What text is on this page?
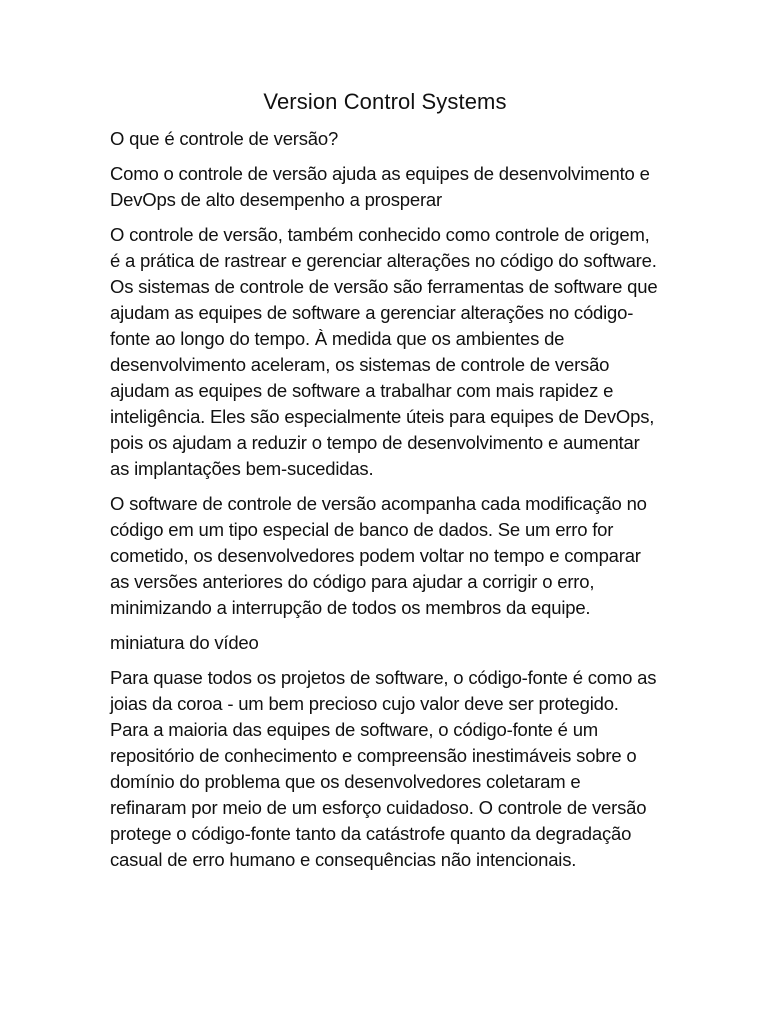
Version Control Systems

O que é controle de versão?

Como o controle de versão ajuda as equipes de desenvolvimento e DevOps de alto desempenho a prosperar

O controle de versão, também conhecido como controle de origem, é a prática de rastrear e gerenciar alterações no código do software. Os sistemas de controle de versão são ferramentas de software que ajudam as equipes de software a gerenciar alterações no código-fonte ao longo do tempo. À medida que os ambientes de desenvolvimento aceleram, os sistemas de controle de versão ajudam as equipes de software a trabalhar com mais rapidez e inteligência. Eles são especialmente úteis para equipes de DevOps, pois os ajudam a reduzir o tempo de desenvolvimento e aumentar as implantações bem-sucedidas.

O software de controle de versão acompanha cada modificação no código em um tipo especial de banco de dados. Se um erro for cometido, os desenvolvedores podem voltar no tempo e comparar as versões anteriores do código para ajudar a corrigir o erro, minimizando a interrupção de todos os membros da equipe.

miniatura do vídeo

Para quase todos os projetos de software, o código-fonte é como as joias da coroa - um bem precioso cujo valor deve ser protegido. Para a maioria das equipes de software, o código-fonte é um repositório de conhecimento e compreensão inestimáveis sobre o domínio do problema que os desenvolvedores coletaram e refinaram por meio de um esforço cuidadoso. O controle de versão protege o código-fonte tanto da catástrofe quanto da degradação casual de erro humano e consequências não intencionais.
